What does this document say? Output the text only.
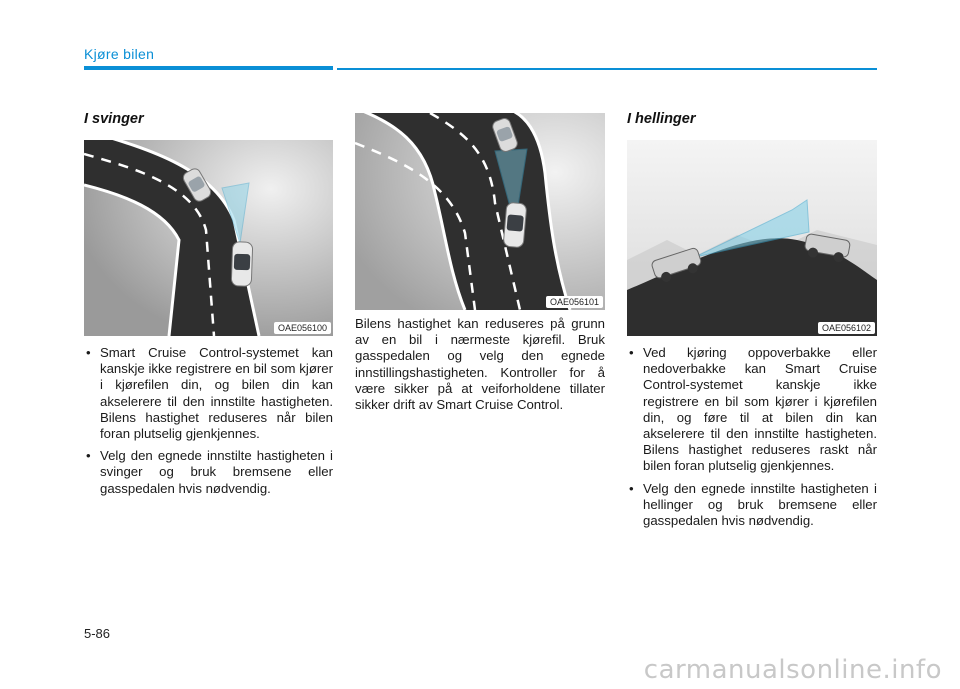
Kjøre bilen
I svinger
OAE056100
• Smart Cruise Control-systemet kan kanskje ikke registrere en bil som kjører i kjørefilen din, og bilen din kan akselerere til den innstilte hastigheten. Bilens hastighet reduseres når bilen foran plutselig gjenkjennes.
• Velg den egnede innstilte hastigheten i svinger og bruk bremsene eller gasspedalen hvis nødvendig.
OAE056101

Bilens hastighet kan reduseres på grunn av en bil i nærmeste kjørefil. Bruk gasspedalen og velg den egnede innstillingshastigheten. Kontroller for å være sikker på at veiforholdene tillater sikker drift av Smart Cruise Control.

I hellinger
OAE056102
• Ved kjøring oppoverbakke eller nedoverbakke kan Smart Cruise Control-systemet kanskje ikke registrere en bil som kjører i kjørefilen din, og føre til at bilen din kan akselerere til den innstilte hastigheten. Bilens hastighet reduseres raskt når bilen foran plutselig gjenkjennes.
• Velg den egnede innstilte hastigheten i hellinger og bruk bremsene eller gasspedalen hvis nødvendig.
5-86
carmanualsonline.info
